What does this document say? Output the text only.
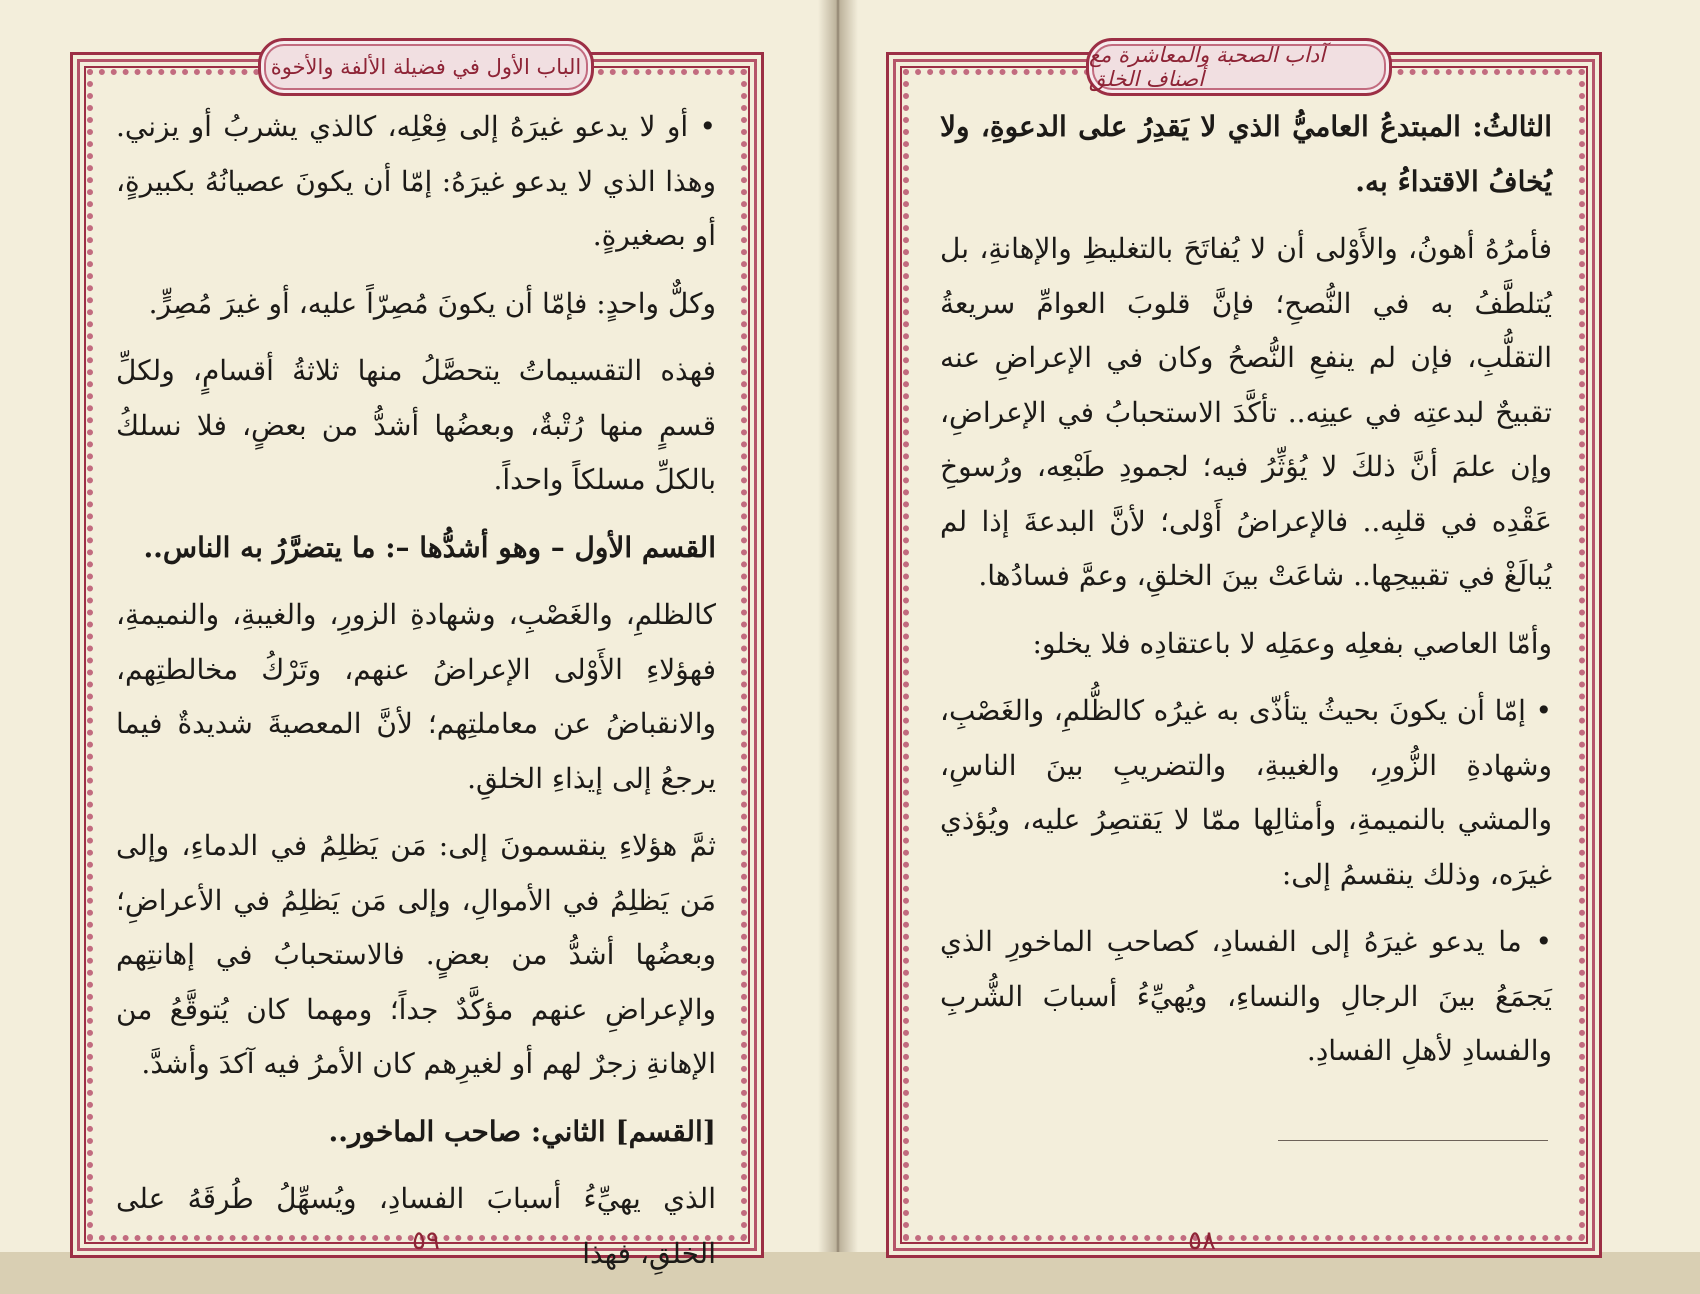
الباب الأول في فضيلة الألفة والأخوة

• أو لا يدعو غيرَهُ إلى فِعْلِه، كالذي يشربُ أو يزني. وهذا الذي لا يدعو غيرَهُ: إمّا أن يكونَ عصيانُهُ بكبيرةٍ، أو بصغيرةٍ.

وكلٌّ واحدٍ: فإمّا أن يكونَ مُصِرّاً عليه، أو غيرَ مُصِرٍّ.

فهذه التقسيماتُ يتحصَّلُ منها ثلاثةُ أقسامٍ، ولكلِّ قسمٍ منها رُتْبةٌ، وبعضُها أشدُّ من بعضٍ، فلا نسلكُ بالكلِّ مسلكاً واحداً.

القسم الأول – وهو أشدُّها –: ما يتضرَّرُ به الناس..

كالظلمِ، والغَصْبِ، وشهادةِ الزورِ، والغيبةِ، والنميمةِ، فهؤلاءِ الأَوْلى الإعراضُ عنهم، وتَرْكُ مخالطتِهم، والانقباضُ عن معاملتِهم؛ لأنَّ المعصيةَ شديدةٌ فيما يرجعُ إلى إيذاءِ الخلقِ.

ثمَّ هؤلاءِ ينقسمونَ إلى: مَن يَظلِمُ في الدماءِ، وإلى مَن يَظلِمُ في الأموالِ، وإلى مَن يَظلِمُ في الأعراضِ؛ وبعضُها أشدُّ من بعضٍ. فالاستحبابُ في إهانتِهم والإعراضِ عنهم مؤكَّدٌ جداً؛ ومهما كان يُتوقَّعُ من الإهانةِ زجرٌ لهم أو لغيرِهم كان الأمرُ فيه آكدَ وأشدَّ.

[القسم] الثاني: صاحب الماخور..

الذي يهيِّءُ أسبابَ الفسادِ، ويُسهِّلُ طُرقَهُ على الخلقِ، فهذا

٥٩
آداب الصحبة والمعاشرة مع أصناف الخلق

الثالثُ: المبتدعُ العاميُّ الذي لا يَقدِرُ على الدعوةِ، ولا يُخافُ الاقتداءُ به.

فأمرُهُ أهونُ، والأَوْلى أن لا يُفاتَحَ بالتغليظِ والإهانةِ، بل يُتلطَّفُ به في النُّصحِ؛ فإنَّ قلوبَ العوامِّ سريعةُ التقلُّبِ، فإن لم ينفعِ النُّصحُ وكان في الإعراضِ عنه تقبيحٌ لبدعتِه في عينِه.. تأكَّدَ الاستحبابُ في الإعراضِ، وإن علمَ أنَّ ذلكَ لا يُؤثِّرُ فيه؛ لجمودِ طَبْعِه، ورُسوخِ عَقْدِه في قلبِه.. فالإعراضُ أَوْلى؛ لأنَّ البدعةَ إذا لم يُبالَغْ في تقبيحِها.. شاعَتْ بينَ الخلقِ، وعمَّ فسادُها.

وأمّا العاصي بفعلِه وعمَلِه لا باعتقادِه فلا يخلو:

• إمّا أن يكونَ بحيثُ يتأذّى به غيرُه كالظُّلمِ، والغَصْبِ، وشهادةِ الزُّورِ، والغيبةِ، والتضريبِ بينَ الناسِ، والمشي بالنميمةِ، وأمثالِها ممّا لا يَقتصِرُ عليه، ويُؤذي غيرَه، وذلك ينقسمُ إلى:

• ما يدعو غيرَهُ إلى الفسادِ، كصاحبِ الماخورِ الذي يَجمَعُ بينَ الرجالِ والنساءِ، ويُهيِّءُ أسبابَ الشُّربِ والفسادِ لأهلِ الفسادِ.

٥٨
